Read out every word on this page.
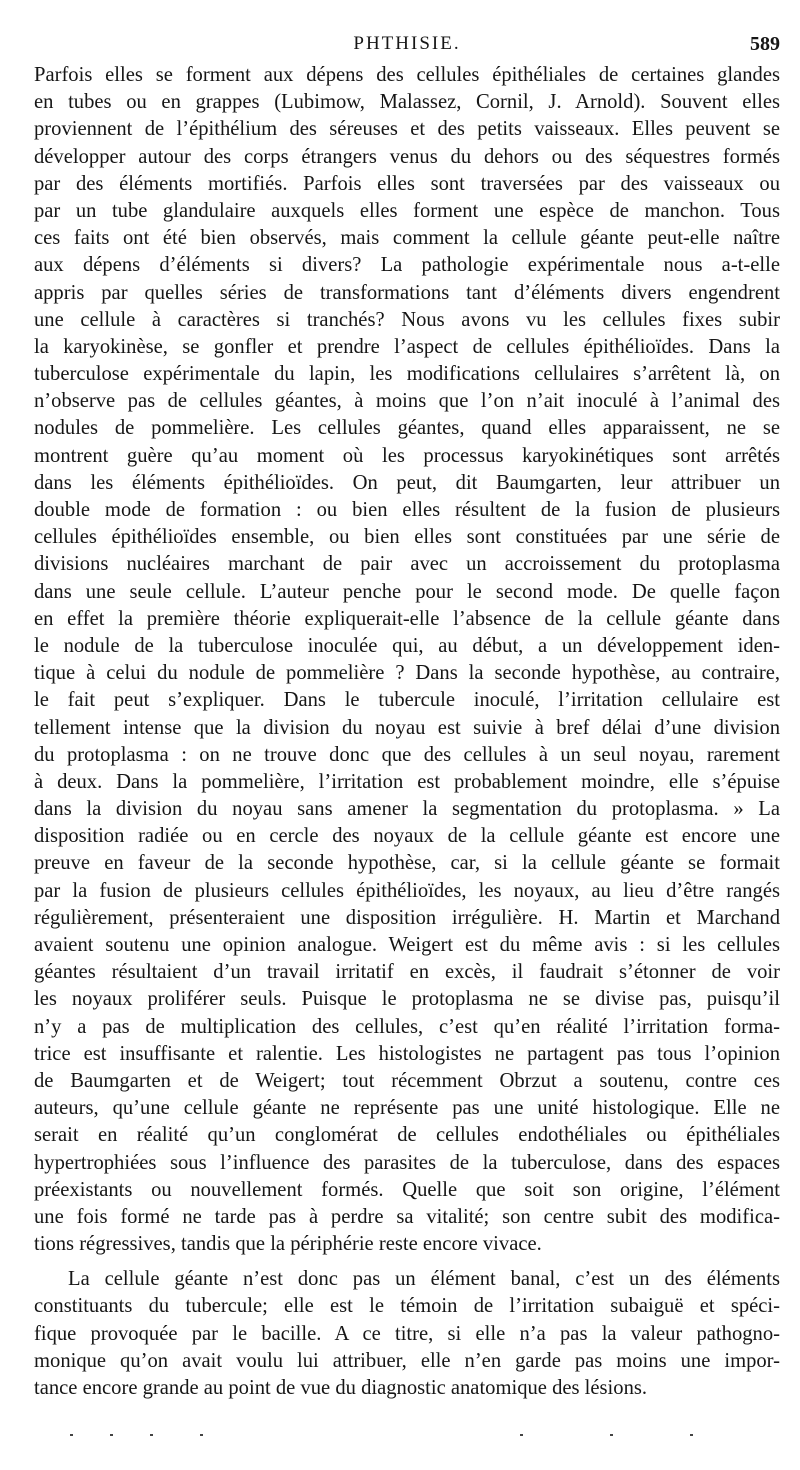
PHTHISIE.	589
Parfois elles se forment aux dépens des cellules épithéliales de certaines glandes
en tubes ou en grappes (Lubimow, Malassez, Cornil, J. Arnold). Souvent elles
proviennent de l’épithélium des séreuses et des petits vaisseaux. Elles peuvent se
développer autour des corps étrangers venus du dehors ou des séquestres formés
par des éléments mortifiés. Parfois elles sont traversées par des vaisseaux ou
par un tube glandulaire auxquels elles forment une espèce de manchon. Tous
ces faits ont été bien observés, mais comment la cellule géante peut-elle naître
aux dépens d’éléments si divers? La pathologie expérimentale nous a-t-elle
appris par quelles séries de transformations tant d’éléments divers engendrent
une cellule à caractères si tranchés? Nous avons vu les cellules fixes subir
la karyokinèse, se gonfler et prendre l’aspect de cellules épithélioïdes. Dans la
tuberculose expérimentale du lapin, les modifications cellulaires s’arrêtent là, on
n’observe pas de cellules géantes, à moins que l’on n’ait inoculé à l’animal des
nodules de pommelière. Les cellules géantes, quand elles apparaissent, ne se
montrent guère qu’au moment où les processus karyokinétiques sont arrêtés
dans les éléments épithélioïdes. On peut, dit Baumgarten, leur attribuer un
double mode de formation : ou bien elles résultent de la fusion de plusieurs
cellules épithélioïdes ensemble, ou bien elles sont constituées par une série de
divisions nucléaires marchant de pair avec un accroissement du protoplasma
dans une seule cellule. L’auteur penche pour le second mode. De quelle façon
en effet la première théorie expliquerait-elle l’absence de la cellule géante dans
le nodule de la tuberculose inoculée qui, au début, a un développement iden-
tique à celui du nodule de pommelière ? Dans la seconde hypothèse, au contraire,
le fait peut s’expliquer. Dans le tubercule inoculé, l’irritation cellulaire est
tellement intense que la division du noyau est suivie à bref délai d’une division
du protoplasma : on ne trouve donc que des cellules à un seul noyau, rarement
à deux. Dans la pommelière, l’irritation est probablement moindre, elle s’épuise
dans la division du noyau sans amener la segmentation du protoplasma. » La
disposition radiée ou en cercle des noyaux de la cellule géante est encore une
preuve en faveur de la seconde hypothèse, car, si la cellule géante se formait
par la fusion de plusieurs cellules épithélioïdes, les noyaux, au lieu d’être rangés
régulièrement, présenteraient une disposition irrégulière. H. Martin et Marchand
avaient soutenu une opinion analogue. Weigert est du même avis : si les cellules
géantes résultaient d’un travail irritatif en excès, il faudrait s’étonner de voir
les noyaux proliférer seuls. Puisque le protoplasma ne se divise pas, puisqu’il
n’y a pas de multiplication des cellules, c’est qu’en réalité l’irritation forma-
trice est insuffisante et ralentie. Les histologistes ne partagent pas tous l’opinion
de Baumgarten et de Weigert; tout récemment Obrzut a soutenu, contre ces
auteurs, qu’une cellule géante ne représente pas une unité histologique. Elle ne
serait en réalité qu’un conglomérat de cellules endothéliales ou épithéliales
hypertrophiées sous l’influence des parasites de la tuberculose, dans des espaces
préexistants ou nouvellement formés. Quelle que soit son origine, l’élément
une fois formé ne tarde pas à perdre sa vitalité; son centre subit des modifica-
tions régressives, tandis que la périphérie reste encore vivace.
La cellule géante n’est donc pas un élément banal, c’est un des éléments
constituants du tubercule; elle est le témoin de l’irritation subaiguë et spéci-
fique provoquée par le bacille. A ce titre, si elle n’a pas la valeur pathogno-
monique qu’on avait voulu lui attribuer, elle n’en garde pas moins une impor-
tance encore grande au point de vue du diagnostic anatomique des lésions.
